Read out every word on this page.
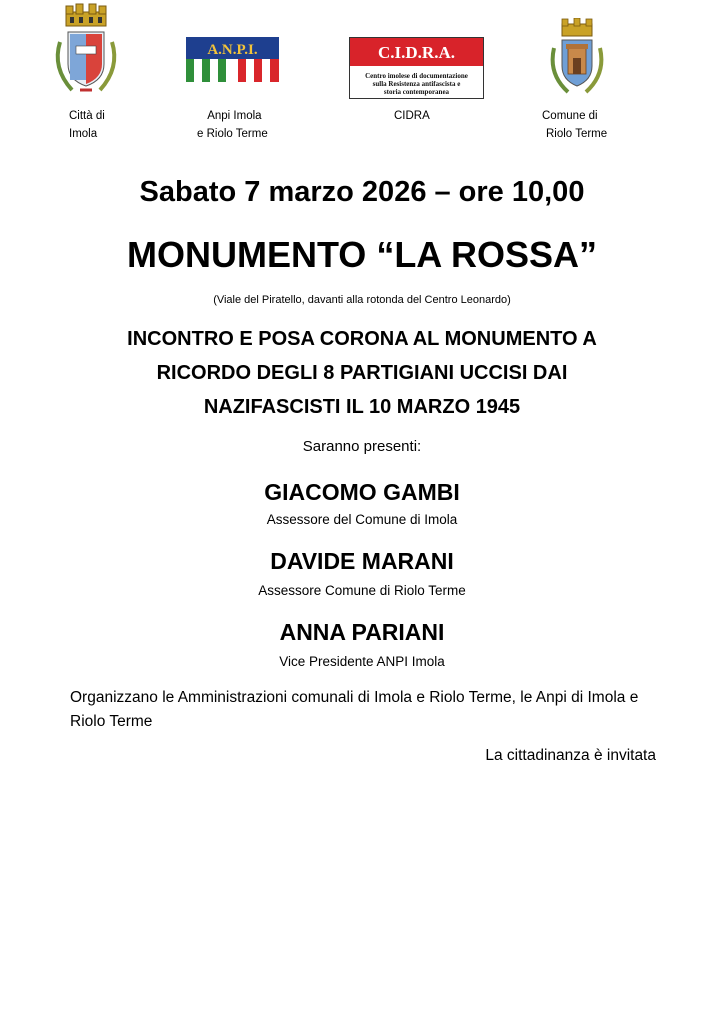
A.N.P.I.	C.I.D.R.A.
Centro imolese di documentazione
sulla Resistenza antifascista e
storia contemporanea
Città di
Imola
Anpi Imola
e Riolo Terme
CIDRA	Comune di
Riolo Terme
Sabato 7 marzo 2026 – ore 10,00
MONUMENTO “LA ROSSA”
(Viale del Piratello, davanti alla rotonda del Centro Leonardo)
INCONTRO E POSA CORONA AL MONUMENTO A
RICORDO DEGLI 8 PARTIGIANI UCCISI DAI
NAZIFASCISTI IL 10 MARZO 1945
Saranno presenti:
GIACOMO GAMBI
Assessore del Comune di Imola
DAVIDE MARANI
Assessore Comune di Riolo Terme
ANNA PARIANI
Vice Presidente ANPI Imola
Organizzano le Amministrazioni comunali di Imola e Riolo Terme, le Anpi di Imola e Riolo Terme
La cittadinanza è invitata
